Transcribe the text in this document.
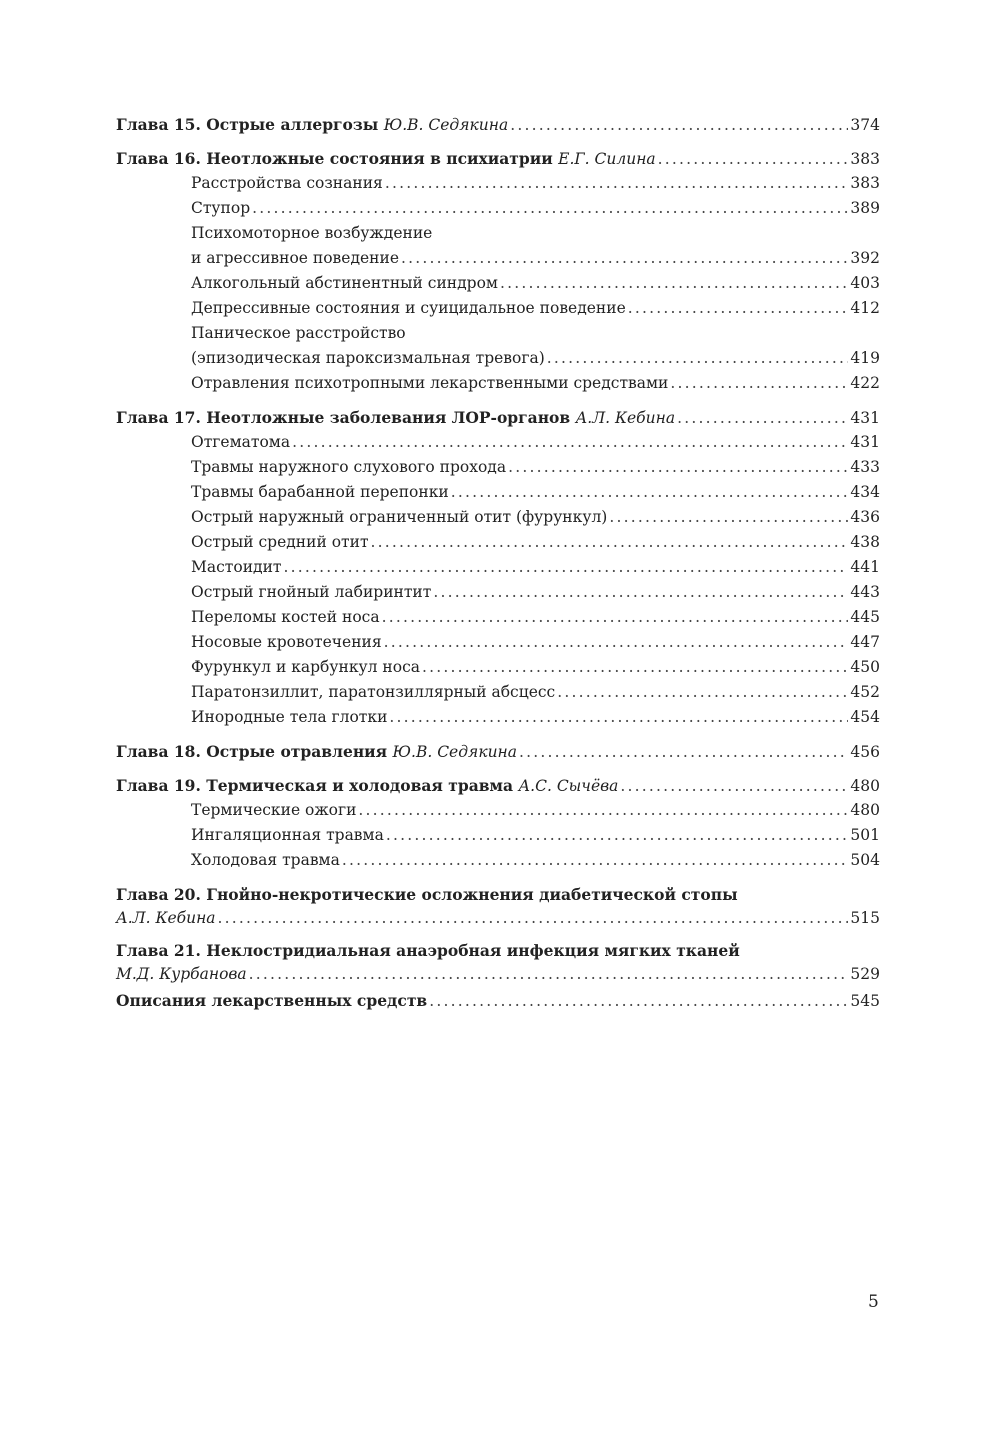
Глава 15. Острые аллергозы Ю.В. Седякина .....	374
Глава 16. Неотложные состояния в психиатрии Е.Г. Силина .....	383
Расстройства сознания .....	383
Ступор .....	389
Психомоторное возбуждение
и агрессивное поведение .....	392
Алкогольный абстинентный синдром .....	403
Депрессивные состояния и суицидальное поведение .....	412
Паническое расстройство
(эпизодическая пароксизмальная тревога) .....	419
Отравления психотропными лекарственными средствами .....	422
Глава 17. Неотложные заболевания ЛОР-органов А.Л. Кебина .....	431
Отгематома .....	431
Травмы наружного слухового прохода .....	433
Травмы барабанной перепонки .....	434
Острый наружный ограниченный отит (фурункул) .....	436
Острый средний отит .....	438
Мастоидит .....	441
Острый гнойный лабиринтит .....	443
Переломы костей носа .....	445
Носовые кровотечения .....	447
Фурункул и карбункул носа .....	450
Паратонзиллит, паратонзиллярный абсцесс .....	452
Инородные тела глотки .....	454
Глава 18. Острые отравления Ю.В. Седякина .....	456
Глава 19. Термическая и холодовая травма А.С. Сычёва .....	480
Термические ожоги .....	480
Ингаляционная травма .....	501
Холодовая травма .....	504
Глава 20. Гнойно-некротические осложнения диабетической стопы
А.Л. Кебина .....	515
Глава 21. Неклостридиальная анаэробная инфекция мягких тканей
М.Д. Курбанова .....	529
Описания лекарственных средств .....	545
5
